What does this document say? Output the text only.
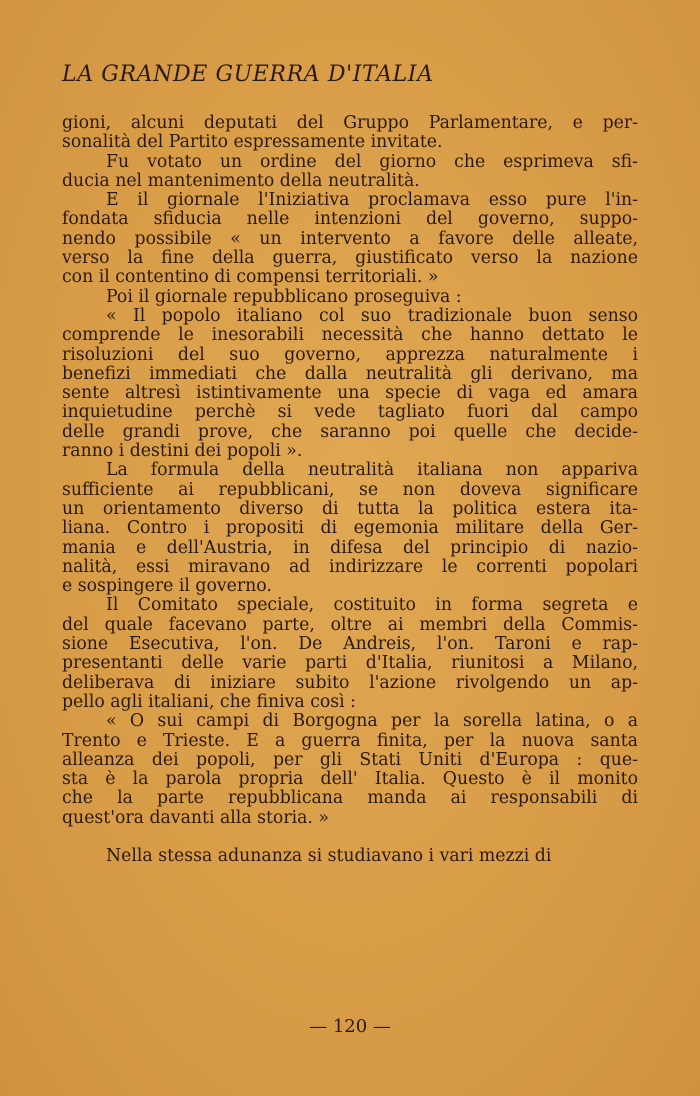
LA GRANDE GUERRA D'ITALIA
gioni, alcuni deputati del Gruppo Parlamentare, e per-
sonalità del Partito espressamente invitate.
Fu votato un ordine del giorno che esprimeva sfi-
ducia nel mantenimento della neutralità.
E il giornale l'Iniziativa proclamava esso pure l'in-
fondata sfiducia nelle intenzioni del governo, suppo-
nendo possibile « un intervento a favore delle alleate,
verso la fine della guerra, giustificato verso la nazione
con il contentino di compensi territoriali. »
Poi il giornale repubblicano proseguiva :
« Il popolo italiano col suo tradizionale buon senso
comprende le inesorabili necessità che hanno dettato le
risoluzioni del suo governo, apprezza naturalmente i
benefizi immediati che dalla neutralità gli derivano, ma
sente altresì istintivamente una specie di vaga ed amara
inquietudine perchè si vede tagliato fuori dal campo
delle grandi prove, che saranno poi quelle che decide-
ranno i destini dei popoli ».
La formula della neutralità italiana non appariva
sufficiente ai repubblicani, se non doveva significare
un orientamento diverso di tutta la politica estera ita-
liana. Contro i propositi di egemonia militare della Ger-
mania e dell'Austria, in difesa del principio di nazio-
nalità, essi miravano ad indirizzare le correnti popolari
e sospingere il governo.
Il Comitato speciale, costituito in forma segreta e
del quale facevano parte, oltre ai membri della Commis-
sione Esecutiva, l'on. De Andreis, l'on. Taroni e rap-
presentanti delle varie parti d'Italia, riunitosi a Milano,
deliberava di iniziare subito l'azione rivolgendo un ap-
pello agli italiani, che finiva così :
« O sui campi di Borgogna per la sorella latina, o a
Trento e Trieste. E a guerra finita, per la nuova santa
alleanza dei popoli, per gli Stati Uniti d'Europa : que-
sta è la parola propria dell' Italia. Questo è il monito
che la parte repubblicana manda ai responsabili di
quest'ora davanti alla storia. »
Nella stessa adunanza si studiavano i vari mezzi di
— 120 —
